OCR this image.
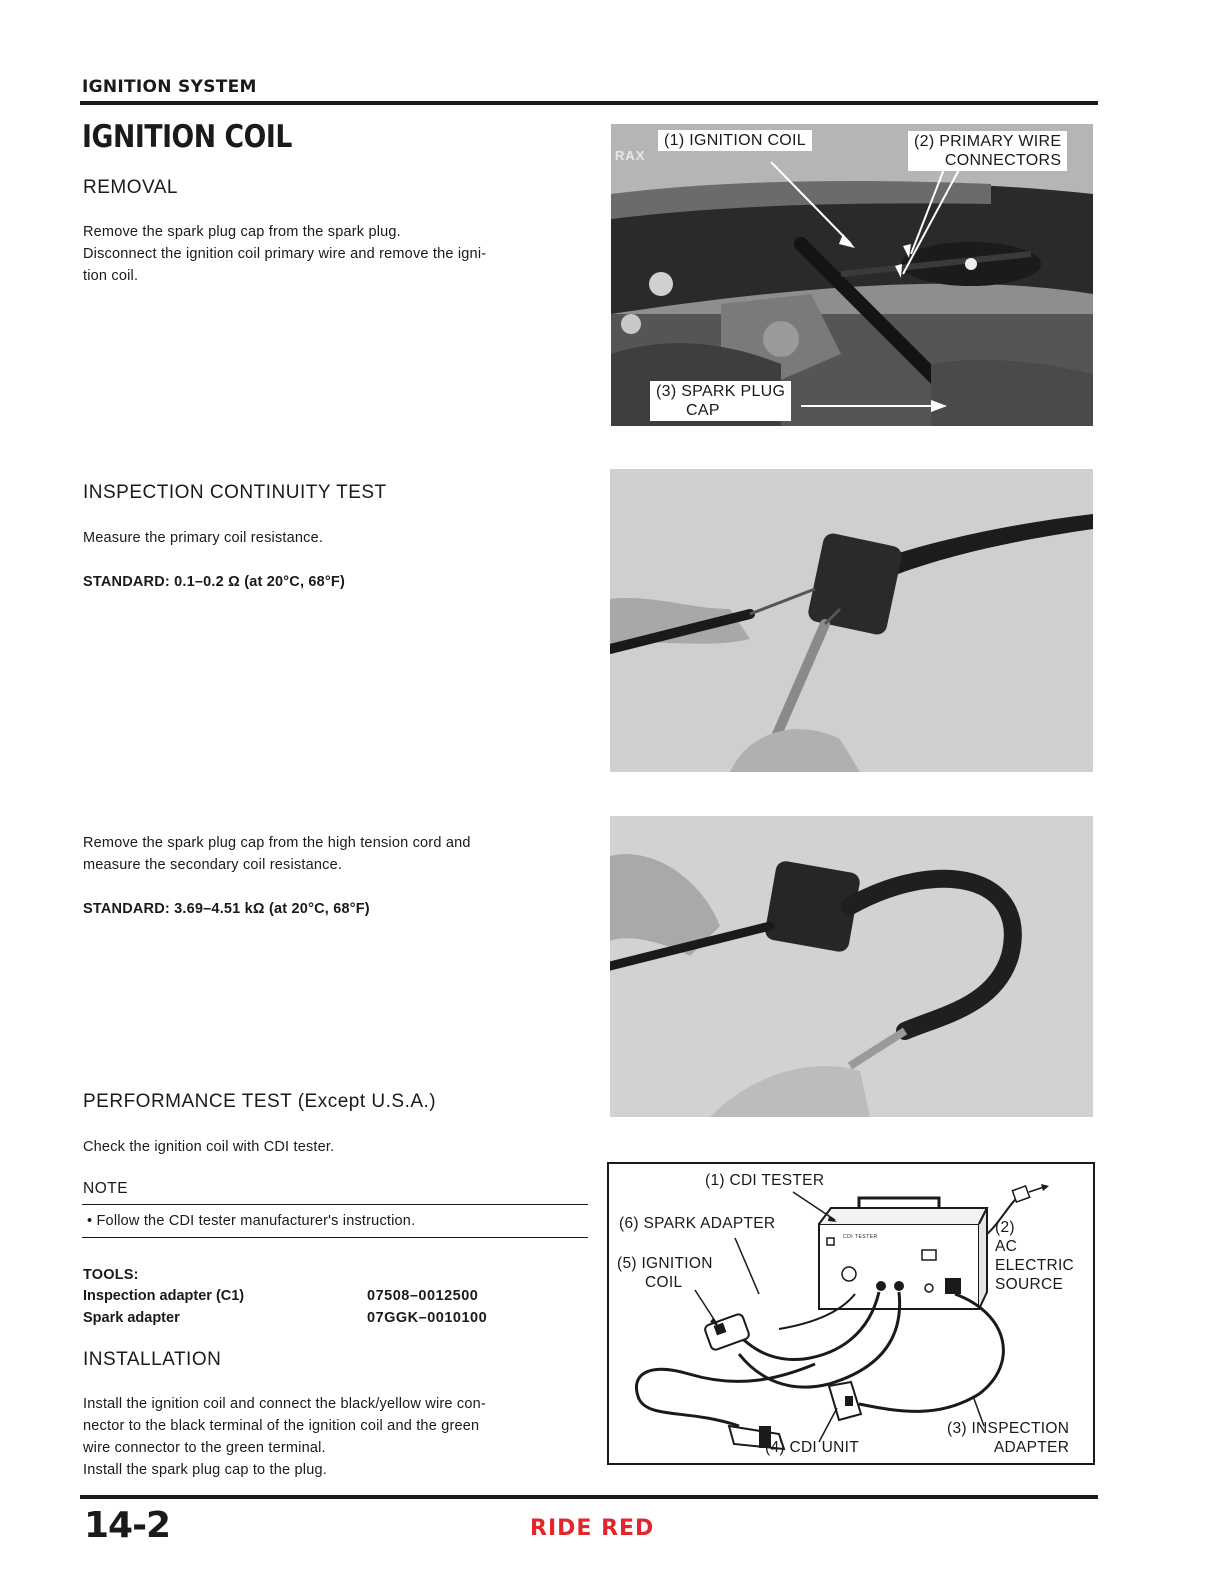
IGNITION SYSTEM
IGNITION COIL
REMOVAL
Remove the spark plug cap from the spark plug.
Disconnect the ignition coil primary wire and remove the igni-
tion coil.
RAX
(1) IGNITION COIL	(2) PRIMARY WIRE
CONNECTORS
(3) SPARK PLUG
CAP
INSPECTION CONTINUITY TEST
Measure the primary coil resistance.
STANDARD: 0.1–0.2 Ω (at 20°C, 68°F)
Remove the spark plug cap from the high tension cord and
measure the secondary coil resistance.
STANDARD: 3.69–4.51 kΩ (at 20°C, 68°F)
PERFORMANCE TEST (Except U.S.A.)
Check the ignition coil with CDI tester.
NOTE
• Follow the CDI tester manufacturer's instruction.
TOOLS:
Inspection adapter (C1)	07508–0012500
Spark adapter	07GGK–0010100
INSTALLATION
Install the ignition coil and connect the black/yellow wire con-
nector to the black terminal of the ignition coil and the green
wire connector to the green terminal.
Install the spark plug cap to the plug.
(1) CDI TESTER
(6) SPARK ADAPTER
(5) IGNITION
COIL
(2)
AC
ELECTRIC
SOURCE
(4) CDI UNIT
(3) INSPECTION
ADAPTER
CDI TESTER
14-2	RIDE RED
